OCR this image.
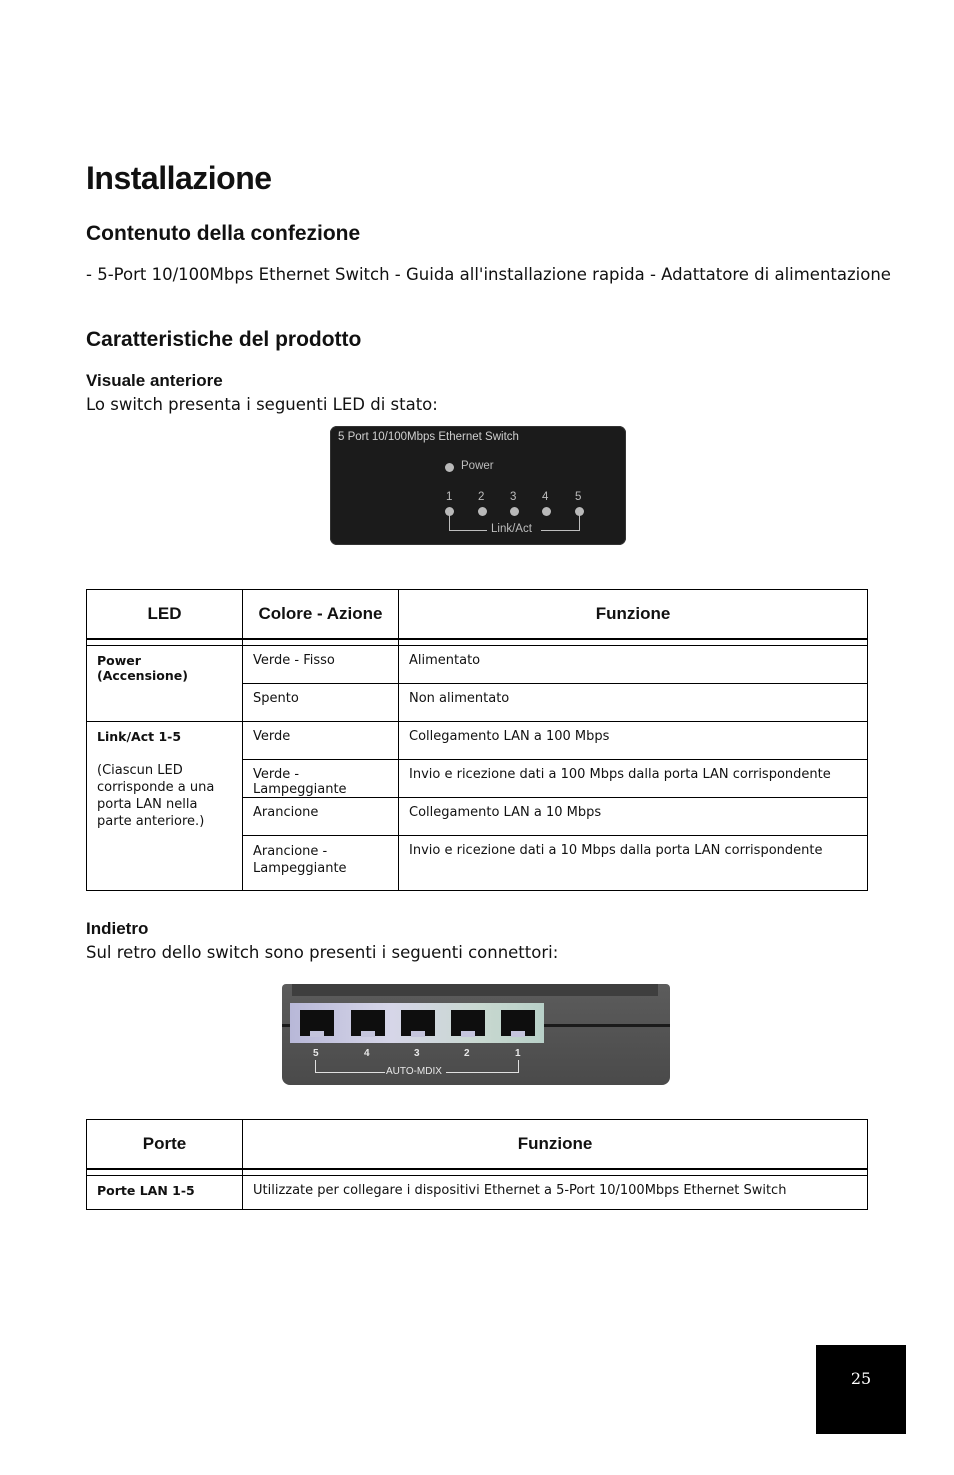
Installazione
Contenuto della confezione

- 5-Port 10/100Mbps Ethernet Switch - Guida all'installazione rapida - Adattatore di alimentazione

Caratteristiche del prodotto
Visuale anteriore

Lo switch presenta i seguenti LED di stato:

5 Port 10/100Mbps Ethernet Switch
Power
1 2 3 4 5
Link/Act
LED	Colore - Azione	Funzione

Power (Accensione)	Verde - Fisso	Alimentato
	Spento	Non alimentato

Link/Act 1-5
(Ciascun LED corrisponde a una porta LAN nella parte anteriore.)	Verde	Collegamento LAN a 100 Mbps
	Verde - Lampeggiante	Invio e ricezione dati a 100 Mbps dalla porta LAN corrispondente
	Arancione	Collegamento LAN a 10 Mbps
	Arancione - Lampeggiante	Invio e ricezione dati a 10 Mbps dalla porta LAN corrispondente
Indietro

Sul retro dello switch sono presenti i seguenti connettori:

5	4	3	2	1
AUTO-MDIX
Porte	Funzione

Porte LAN 1-5	Utilizzate per collegare i dispositivi Ethernet a 5-Port 10/100Mbps Ethernet Switch
25
